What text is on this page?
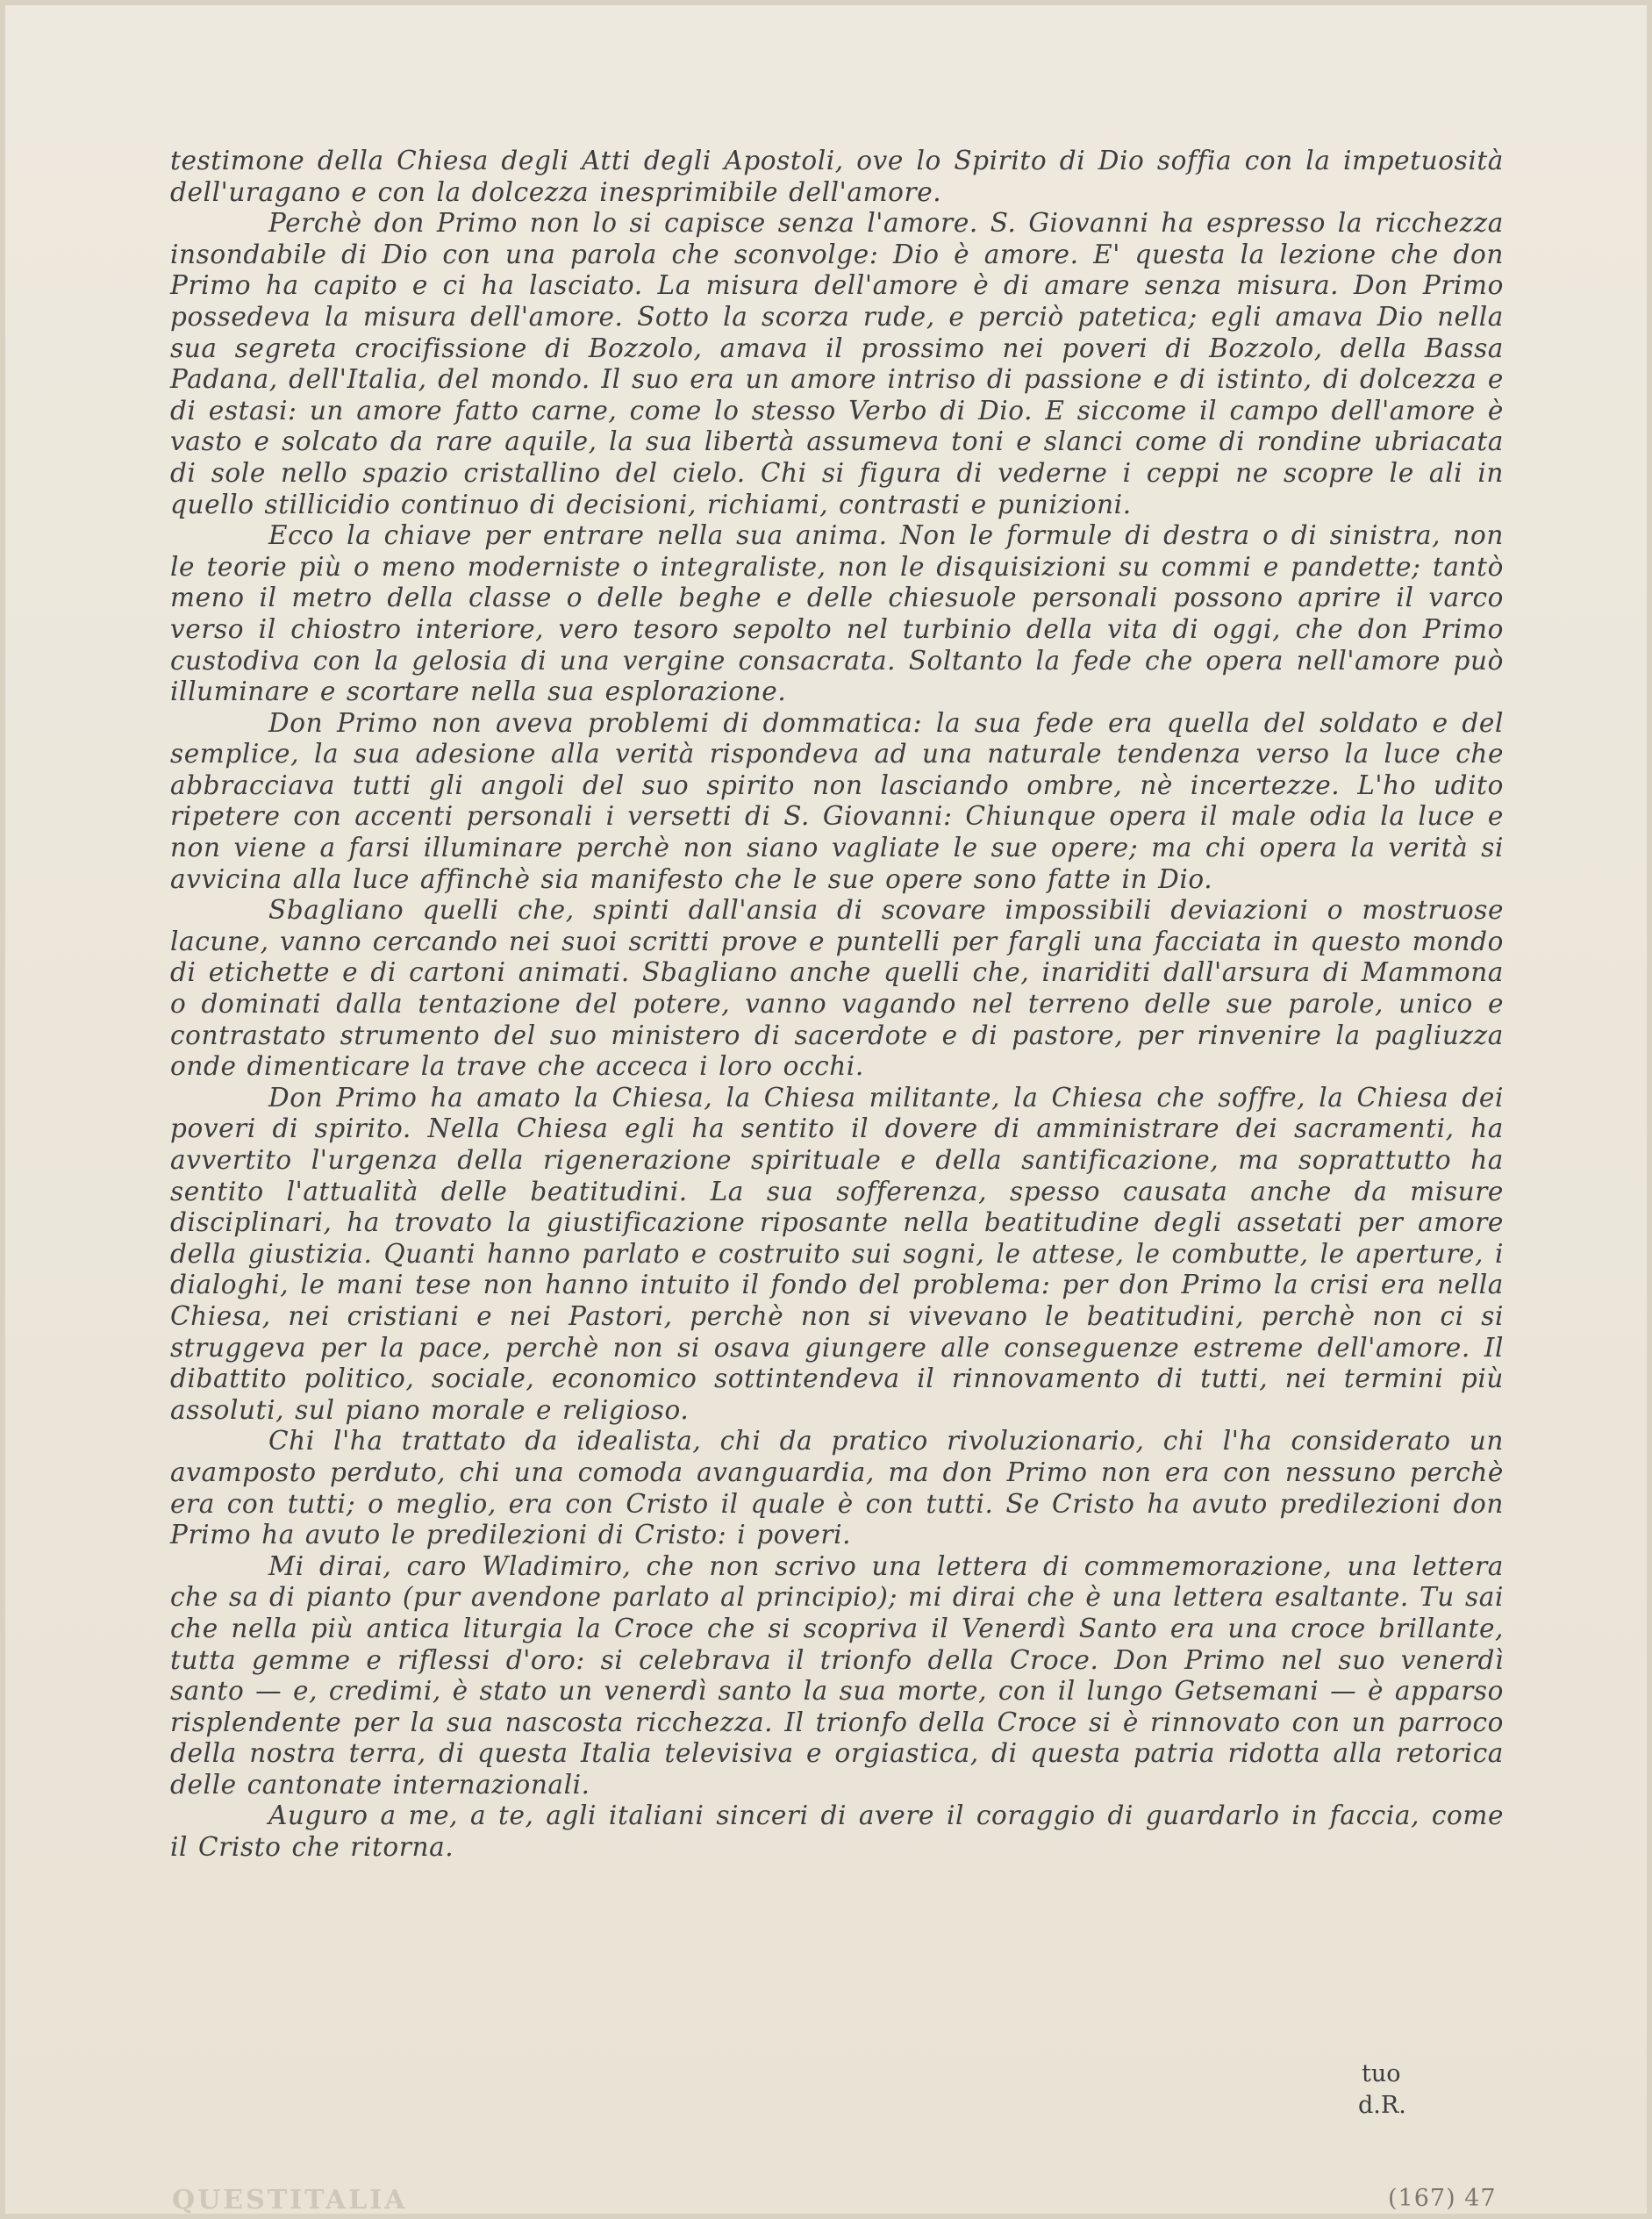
testimone della Chiesa degli Atti degli Apostoli, ove lo Spirito di Dio soffia con la impetuosità dell'uragano e con la dolcezza inesprimibile dell'amore.

Perchè don Primo non lo si capisce senza l'amore. S. Giovanni ha espresso la ricchezza insondabile di Dio con una parola che sconvolge: Dio è amore. E' questa la lezione che don Primo ha capito e ci ha lasciato. La misura dell'amore è di amare senza misura. Don Primo possedeva la misura dell'amore. Sotto la scorza rude, e perciò patetica; egli amava Dio nella sua segreta crocifissione di Bozzolo, amava il prossimo nei poveri di Bozzolo, della Bassa Padana, dell'Italia, del mondo. Il suo era un amore intriso di passione e di istinto, di dolcezza e di estasi: un amore fatto carne, come lo stesso Verbo di Dio. E siccome il campo dell'amore è vasto e solcato da rare aquile, la sua libertà assumeva toni e slanci come di rondine ubriacata di sole nello spazio cristallino del cielo. Chi si figura di vederne i ceppi ne scopre le ali in quello stillicidio continuo di decisioni, richiami, contrasti e punizioni.

Ecco la chiave per entrare nella sua anima. Non le formule di destra o di sinistra, non le teorie più o meno moderniste o integraliste, non le disquisizioni su commi e pandette; tantò meno il metro della classe o delle beghe e delle chiesuole personali possono aprire il varco verso il chiostro interiore, vero tesoro sepolto nel turbinio della vita di oggi, che don Primo custodiva con la gelosia di una vergine consacrata. Soltanto la fede che opera nell'amore può illuminare e scortare nella sua esplorazione.

Don Primo non aveva problemi di dommatica: la sua fede era quella del soldato e del semplice, la sua adesione alla verità rispondeva ad una naturale tendenza verso la luce che abbracciava tutti gli angoli del suo spirito non lasciando ombre, nè incertezze. L'ho udito ripetere con accenti personali i versetti di S. Giovanni: Chiunque opera il male odia la luce e non viene a farsi illuminare perchè non siano vagliate le sue opere; ma chi opera la verità si avvicina alla luce affinchè sia manifesto che le sue opere sono fatte in Dio.

Sbagliano quelli che, spinti dall'ansia di scovare impossibili deviazioni o mostruose lacune, vanno cercando nei suoi scritti prove e puntelli per fargli una facciata in questo mondo di etichette e di cartoni animati. Sbagliano anche quelli che, inariditi dall'arsura di Mammona o dominati dalla tentazione del potere, vanno vagando nel terreno delle sue parole, unico e contrastato strumento del suo ministero di sacerdote e di pastore, per rinvenire la pagliuzza onde dimenticare la trave che acceca i loro occhi.

Don Primo ha amato la Chiesa, la Chiesa militante, la Chiesa che soffre, la Chiesa dei poveri di spirito. Nella Chiesa egli ha sentito il dovere di amministrare dei sacramenti, ha avvertito l'urgenza della rigenerazione spirituale e della santificazione, ma soprattutto ha sentito l'attualità delle beatitudini. La sua sofferenza, spesso causata anche da misure disciplinari, ha trovato la giustificazione riposante nella beatitudine degli assetati per amore della giustizia. Quanti hanno parlato e costruito sui sogni, le attese, le combutte, le aperture, i dialoghi, le mani tese non hanno intuito il fondo del problema: per don Primo la crisi era nella Chiesa, nei cristiani e nei Pastori, perchè non si vivevano le beatitudini, perchè non ci si struggeva per la pace, perchè non si osava giungere alle conseguenze estreme dell'amore. Il dibattito politico, sociale, economico sottintendeva il rinnovamento di tutti, nei termini più assoluti, sul piano morale e religioso.

Chi l'ha trattato da idealista, chi da pratico rivoluzionario, chi l'ha considerato un avamposto perduto, chi una comoda avanguardia, ma don Primo non era con nessuno perchè era con tutti; o meglio, era con Cristo il quale è con tutti. Se Cristo ha avuto predilezioni don Primo ha avuto le predilezioni di Cristo: i poveri.

Mi dirai, caro Wladimiro, che non scrivo una lettera di commemorazione, una lettera che sa di pianto (pur avendone parlato al principio); mi dirai che è una lettera esaltante. Tu sai che nella più antica liturgia la Croce che si scopriva il Venerdì Santo era una croce brillante, tutta gemme e riflessi d'oro: si celebrava il trionfo della Croce. Don Primo nel suo venerdì santo — e, credimi, è stato un venerdì santo la sua morte, con il lungo Getsemani — è apparso risplendente per la sua nascosta ricchezza. Il trionfo della Croce si è rinnovato con un parroco della nostra terra, di questa Italia televisiva e orgiastica, di questa patria ridotta alla retorica delle cantonate internazionali.

Auguro a me, a te, agli italiani sinceri di avere il coraggio di guardarlo in faccia, come il Cristo che ritorna.

tuo
d.R.
QUESTITALIA	(167) 47
